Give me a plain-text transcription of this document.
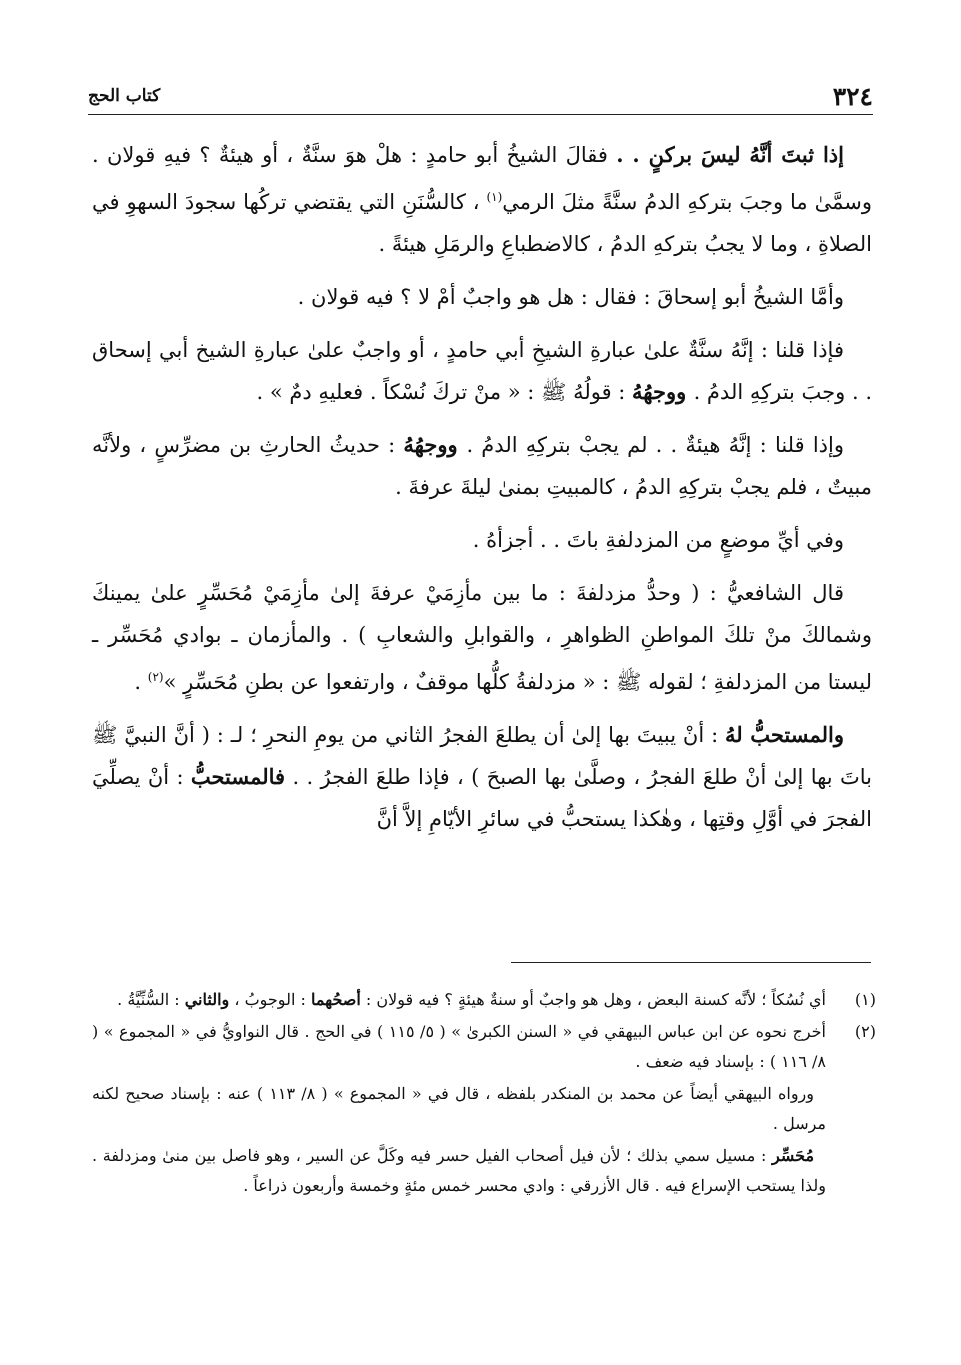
٣٢٤
كتاب الحج

إذا ثبتَ أنَّهُ ليسَ بركنٍ . . فقالَ الشيخُ أبو حامدٍ : هلْ هوَ سنَّةٌ ، أو هيئةٌ ؟ فيهِ قولان . وسمَّىٰ ما وجبَ بتركهِ الدمُ سنَّةً مثلَ الرمي$^{(١)}$ ، كالسُّنَنِ التي يقتضي تركُها سجودَ السهوِ في الصلاةِ ، وما لا يجبُ بتركهِ الدمُ ، كالاضطباعِ والرمَلِ هيئةً .

وأمَّا الشيخُ أبو إسحاقَ : فقال : هل هو واجبٌ أمْ لا ؟ فيه قولان .

فإذا قلنا : إنَّهُ سنَّةٌ علىٰ عبارةِ الشيخِ أبي حامدٍ ، أو واجبٌ علىٰ عبارةِ الشيخ أبي إسحاق . . وجبَ بتركِهِ الدمُ . ووجهُهُ : قولُهُ ﷺ : « منْ تركَ نُسْكاً . فعليهِ دمٌ » .

وإذا قلنا : إنَّهُ هيئةٌ . . لم يجبْ بتركِهِ الدمُ . ووجهُهُ : حديثُ الحارثِ بن مضرِّسٍ ، ولأنَّه مبيتٌ ، فلم يجبْ بتركِهِ الدمُ ، كالمبيتِ بمنىٰ ليلةَ عرفةَ .

وفي أيِّ موضعٍ من المزدلفةِ باتَ . . أجزأهُ .

قال الشافعيُّ : ( وحدُّ مزدلفةَ : ما بين مأزِمَيْ عرفةَ إلىٰ مأزِمَيْ مُحَسِّرٍ علىٰ يمينكَ وشمالكَ منْ تلكَ المواطنِ الظواهرِ ، والقوابلِ والشعابِ ) . والمأزمان ـ بوادي مُحَسِّر ـ ليستا من المزدلفةِ ؛ لقوله ﷺ : « مزدلفةُ كلُّها موقفٌ ، وارتفعوا عن بطنِ مُحَسِّرٍ »$^{(٢)}$ .

والمستحبُّ لهُ : أنْ يبيتَ بها إلىٰ أن يطلعَ الفجرُ الثاني من يومِ النحرِ ؛ لـ : ( أنَّ النبيَّ ﷺ باتَ بها إلىٰ أنْ طلعَ الفجرُ ، وصلَّىٰ بها الصبحَ ) ، فإذا طلعَ الفجرُ . . فالمستحبُّ : أنْ يصلِّيَ الفجرَ في أوَّلِ وقتِها ، وهٰكذا يستحبُّ في سائرِ الأيّامِ إلاَّ أنَّ

(١)
أي نُسُكاً ؛ لأنَّه كسنة البعض ، وهل هو واجبٌ أو سنةٌ هيئةٍ ؟ فيه قولان : أصحُهما : الوجوبُ ، والثاني : السُّنِّيَّةُ .

(٢)
أخرج نحوه عن ابن عباس البيهقي في « السنن الكبرىٰ » ( ٥/ ١١٥ ) في الحج . قال النواويُّ في « المجموع » ( ٨/ ١١٦ ) : بإسناد فيه ضعف .

ورواه البيهقي أيضاً عن محمد بن المنكدر بلفظه ، قال في « المجموع » ( ٨/ ١١٣ ) عنه : بإسناد صحيح لكنه مرسل .

مُحَسِّر : مسيل سمي بذلك ؛ لأن فيل أصحاب الفيل حسر فيه وكَلَّ عن السير ، وهو فاصل بين منىٰ ومزدلفة . ولذا يستحب الإسراع فيه . قال الأزرقي : وادي محسر خمس مئةٍ وخمسة وأربعون ذراعاً .
